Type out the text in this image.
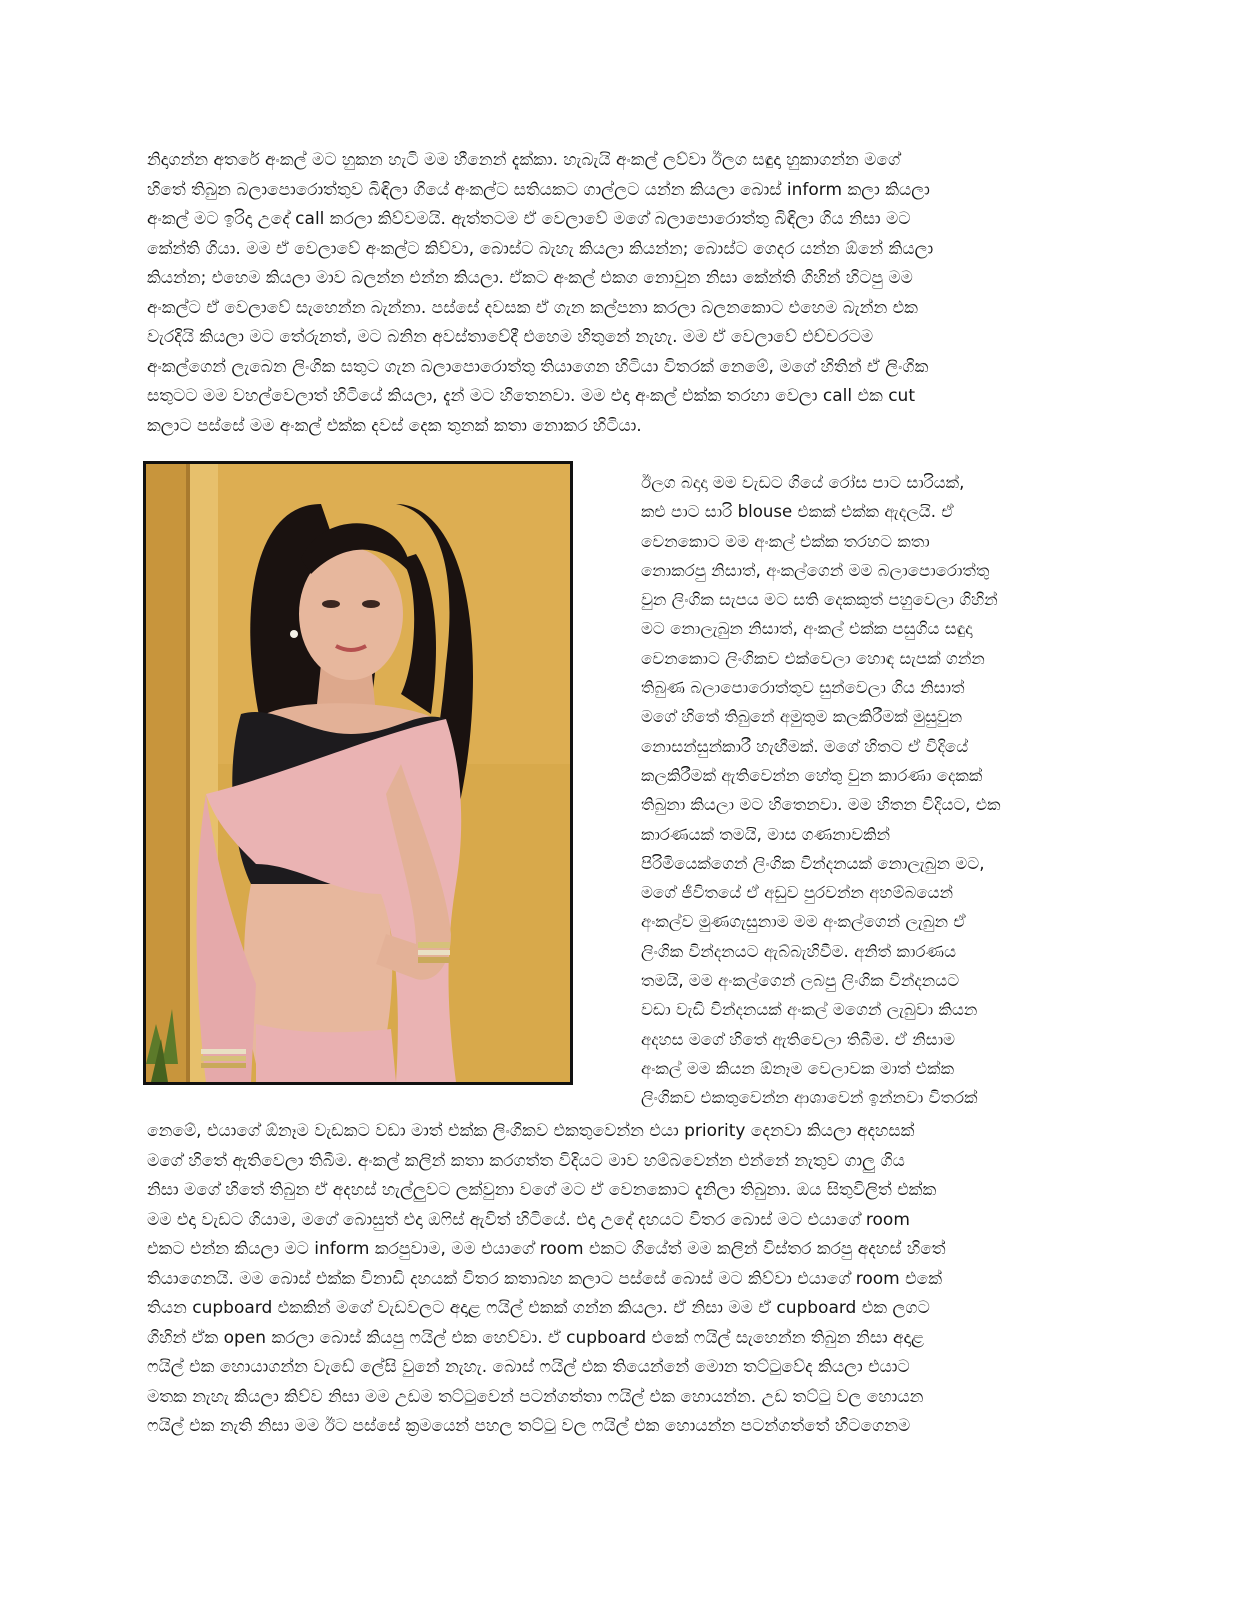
නිදාගන්න අතරේ අංකල් මට හුකන හැටි මම හීනෙන් දැක්කා. හැබැයි අංකල් ලව්වා ඊලග සඳුදා හුකාගන්න මගේ
හිතේ තිබුන බලාපොරොත්තුව බිඳිලා ගියේ අංකල්ට සතියකට ගාල්ලට යන්න කියලා බොස් inform කලා කියලා
අංකල් මට ඉරිදා උදේ call කරලා කිව්වමයි. ඇත්තටම ඒ වෙලාවේ මගේ බලාපොරොත්තු බිඳිලා ගිය නිසා මට
කේන්ති ගියා. මම ඒ වෙලාවේ අංකල්ට කිව්වා, බොස්ට බැහැ කියලා කියන්න; බොස්ට ගෙදර යන්න ඕනේ කියලා
කියන්න; එහෙම කියලා මාව බලන්න එන්න කියලා. ඒකට අංකල් එකග නොවුන නිසා කේන්ති ගිහින් හිටපු මම
අංකල්ට ඒ වෙලාවේ සැහෙන්න බැන්නා. පස්සේ දවසක ඒ ගැන කල්පනා කරලා බලනකොට එහෙම බැන්න එක
වැරදියි කියලා මට තේරුනත්, මට බනින අවස්තාවේදී එහෙම හිතුනේ නැහැ. මම ඒ වෙලාවේ එච්චරටම
අංකල්ගෙන් ලැබෙන ලිංගික සතුට ගැන බලාපොරොත්තු තියාගෙන හිටියා විතරක් නෙමේ, මගේ හිතින් ඒ ලිංගික
සතුටට මම වහල්වෙලාත් හිටියේ කියලා, දැන් මට හිතෙනවා. මම එදා අංකල් එක්ක තරහා වෙලා call එක cut
කලාට පස්සේ මම අංකල් එක්ක දවස් දෙක තුනක් කතා නොකර හිටියා.
ඊලග බදාදා මම වැඩට ගියේ රෝස පාට සාරියක්,
කළු පාට සාරි blouse එකක් එක්ක ඇදලයි. ඒ
වෙනකොට මම අංකල් එක්ක තරහට කතා
නොකරපු නිසාත්, අංකල්ගෙන් මම බලාපොරොත්තු
වුන ලිංගික සැපය මට සති දෙකකුත් පහුවෙලා ගිහින්
මට නොලැබුන නිසාත්, අංකල් එක්ක පසුගිය සඳුදා
වෙනකොට ලිංගිකව එක්වෙලා හොඳ සැපක් ගන්න
තිබුණ බලාපොරොත්තුව සුන්වෙලා ගිය නිසාත්
මගේ හිතේ තිබුනේ අමුතුම කලකිරීමක් මුසුවුන
නොසන්සුන්කාරී හැඟීමක්. මගේ හිතට ඒ විදියේ
කලකිරීමක් ඇතිවෙන්න හේතු වුන කාරණා දෙකක්
තිබුනා කියලා මට හිතෙනවා. මම හිතන විදියට, එක
කාරණයක් තමයි, මාස ගණනාවකින්
පිරිමියෙක්ගෙන් ලිංගික වින්දනයක් නොලැබුන මට,
මගේ ජීවිතයේ ඒ අඩුව පුරවන්න අහම්බයෙන්
අංකල්ව මුණගැසුනාම මම අංකල්ගෙන් ලැබුන ඒ
ලිංගික වින්දනයට ඇබ්බැහිවීම. අනිත් කාරණය
තමයි, මම අංකල්ගෙන් ලබපු ලිංගික වින්දනයට
වඩා වැඩි වින්දනයක් අංකල් මගෙන් ලැබුවා කියන
අදහස මගේ හිතේ ඇතිවෙලා තිබීම. ඒ නිසාම
අංකල් මම කියන ඕනෑම වෙලාවක මාත් එක්ක
ලිංගිකව එකතුවෙන්න ආශාවෙන් ඉන්නවා විතරක්
නෙමේ, එයාගේ ඕනෑම වැඩකට වඩා මාත් එක්ක ලිංගිකව එකතුවෙන්න එයා priority දෙනවා කියලා අදහසක්
මගේ හිතේ ඇතිවෙලා තිබීම. අංකල් කලින් කතා කරගත්ත විදියට මාව හම්බවෙන්න එන්නේ නැතුව ගාලු ගිය
නිසා මගේ හිතේ තිබුන ඒ අදහස් හැල්ලුවට ලක්වුනා වගේ මට ඒ වෙනකොට දැනිලා තිබුනා. ඔය සිතුවිලිත් එක්ක
මම එදා වැඩට ගියාම, මගේ බොසුත් එදා ඔෆිස් ඇවිත් හිටියේ. එදා උදේ දහයට විතර බොස් මට එයාගේ room
එකට එන්න කියලා මට inform කරපුවාම, මම එයාගේ room එකට ගියේත් මම කලින් විස්තර කරපු අදහස් හිතේ
තියාගෙනයි. මම බොස් එක්ක විනාඩි දහයක් විතර කතාබහ කලාට පස්සේ බොස් මට කිව්වා එයාගේ room එකේ
තියන cupboard එකකින් මගේ වැඩවලට අදාළ ෆයිල් එකක් ගන්න කියලා. ඒ නිසා මම ඒ cupboard එක ලගට
ගිහින් ඒක open කරලා බොස් කියපු ෆයිල් එක හෙව්වා. ඒ cupboard එකේ ෆයිල් සැහෙන්න තිබුන නිසා අදාළ
ෆයිල් එක හොයාගන්න වැඩේ ලේසි වුනේ නැහැ. බොස් ෆයිල් එක තියෙන්නේ මොන තට්ටුවේද කියලා එයාට
මතක නැහැ කියලා කිව්ව නිසා මම උඩම තට්ටුවෙන් පටන්ගත්තා ෆයිල් එක හොයන්න. උඩ තට්ටු වල හොයන
ෆයිල් එක නැති නිසා මම ඊට පස්සේ ක්‍රමයෙන් පහල තට්ටු වල ෆයිල් එක හොයන්න පටන්ගත්තේ හිටගෙනම
